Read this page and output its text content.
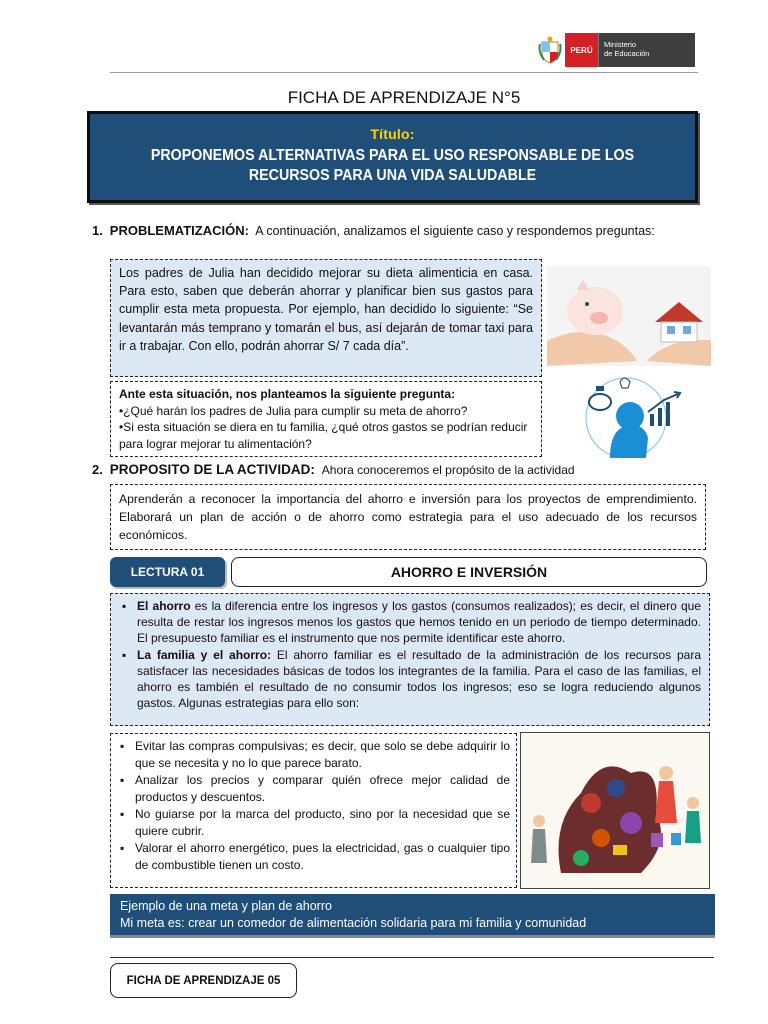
PERÚ
Ministerio
de Educación
FICHA DE APRENDIZAJE N°5
Título:
PROPONEMOS ALTERNATIVAS PARA EL USO RESPONSABLE DE LOS RECURSOS PARA UNA VIDA SALUDABLE
1. PROBLEMATIZACIÓN: A continuación, analizamos el siguiente caso y respondemos preguntas:
Los padres de Julia han decidido mejorar su dieta alimenticia en casa. Para esto, saben que deberán ahorrar y planificar bien sus gastos para cumplir esta meta propuesta. Por ejemplo, han decidido lo siguiente: “Se levantarán más temprano y tomarán el bus, así dejarán de tomar taxi para ir a trabajar. Con ello, podrán ahorrar S/ 7 cada día”.
Ante esta situación, nos planteamos la siguiente pregunta:
•¿Qué harán los padres de Julia para cumplir su meta de ahorro?
•Si esta situación se diera en tu familia, ¿qué otros gastos se podrían reducir para lograr mejorar tu alimentación?
2. PROPOSITO DE LA ACTIVIDAD: Ahora conoceremos el propósito de la actividad
Aprenderán a reconocer la importancia del ahorro e inversión para los proyectos de emprendimiento. Elaborará un plan de acción o de ahorro como estrategia para el uso adecuado de los recursos económicos.
LECTURA 01	AHORRO E INVERSIÓN
▪ El ahorro es la diferencia entre los ingresos y los gastos (consumos realizados); es decir, el dinero que resulta de restar los ingresos menos los gastos que hemos tenido en un periodo de tiempo determinado. El presupuesto familiar es el instrumento que nos permite identificar este ahorro.
▪ La familia y el ahorro: El ahorro familiar es el resultado de la administración de los recursos para satisfacer las necesidades básicas de todos los integrantes de la familia. Para el caso de las familias, el ahorro es también el resultado de no consumir todos los ingresos; eso se logra reduciendo algunos gastos. Algunas estrategias para ello son:
▪ Evitar las compras compulsivas; es decir, que solo se debe adquirir lo que se necesita y no lo que parece barato.
▪ Analizar los precios y comparar quién ofrece mejor calidad de productos y descuentos.
▪ No guiarse por la marca del producto, sino por la necesidad que se quiere cubrir.
▪ Valorar el ahorro energético, pues la electricidad, gas o cualquier tipo de combustible tienen un costo.
Ejemplo de una meta y plan de ahorro
Mi meta es: crear un comedor de alimentación solidaria para mi familia y comunidad
FICHA DE APRENDIZAJE 05
